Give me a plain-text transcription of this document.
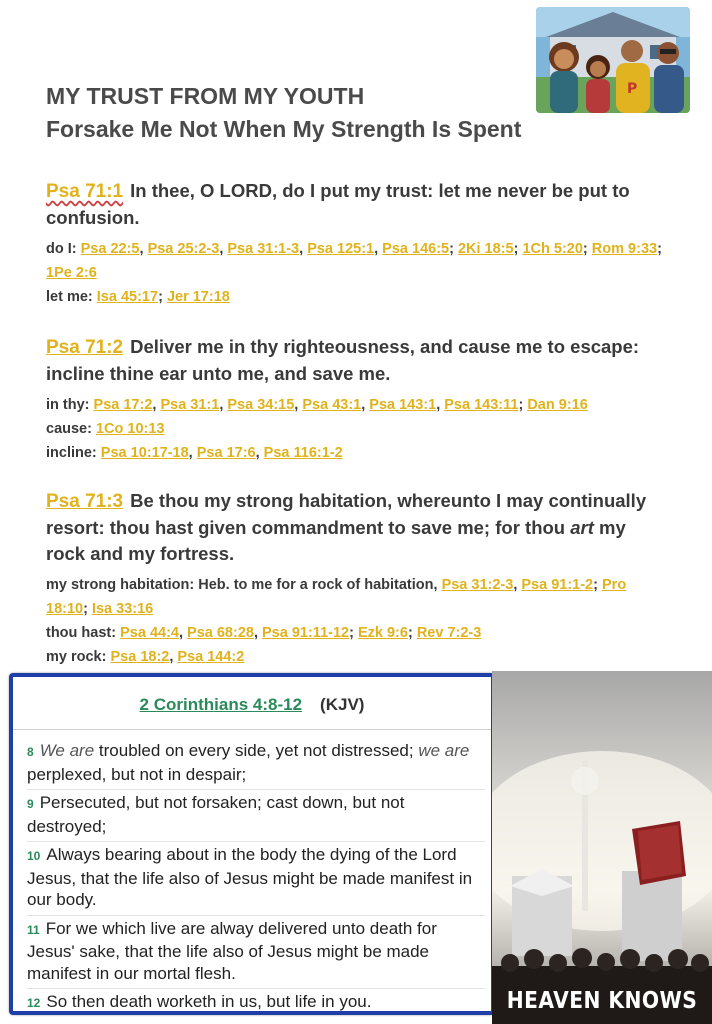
P
MY TRUST FROM MY YOUTH
Forsake Me Not When My Strength Is Spent
Psa 71:1 In thee, O LORD, do I put my trust: let me never be put to confusion.
do I: Psa 22:5, Psa 25:2-3, Psa 31:1-3, Psa 125:1, Psa 146:5; 2Ki 18:5; 1Ch 5:20; Rom 9:33; 1Pe 2:6
let me: Isa 45:17; Jer 17:18
Psa 71:2 Deliver me in thy righteousness, and cause me to escape: incline thine ear unto me, and save me.
in thy: Psa 17:2, Psa 31:1, Psa 34:15, Psa 43:1, Psa 143:1, Psa 143:11; Dan 9:16
cause: 1Co 10:13
incline: Psa 10:17-18, Psa 17:6, Psa 116:1-2
Psa 71:3 Be thou my strong habitation, whereunto I may continually resort: thou hast given commandment to save me; for thou art my rock and my fortress.
my strong habitation: Heb. to me for a rock of habitation, Psa 31:2-3, Psa 91:1-2; Pro 18:10; Isa 33:16
thou hast: Psa 44:4, Psa 68:28, Psa 91:11-12; Ezk 9:6; Rev 7:2-3
my rock: Psa 18:2, Psa 144:2
2 Corinthians 4:8-12 (KJV)
8 We are troubled on every side, yet not distressed; we are perplexed, but not in despair;
9 Persecuted, but not forsaken; cast down, but not destroyed;
10 Always bearing about in the body the dying of the Lord Jesus, that the life also of Jesus might be made manifest in our body.
11 For we which live are alway delivered unto death for Jesus' sake, that the life also of Jesus might be made manifest in our mortal flesh.
12 So then death worketh in us, but life in you.	HEAVEN KNOWS
